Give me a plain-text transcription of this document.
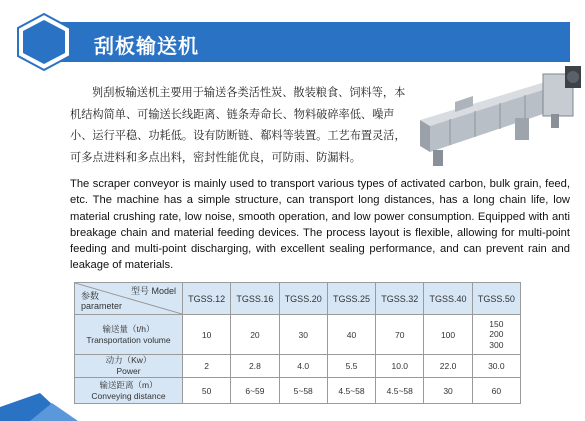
刮板输送机

刿刮板输送机主要用于输送各类活性炭、散装粮食、饲料等，本机结构简单、可输送长线距离、链条寿命长、物料破碎率低、噪声小、运行平稳、功耗低。设有防断链、郗料等装置。工艺布置灵活，可多点进料和多点出料，密封性能优良，可防雨、防漏料。

The scraper conveyor is mainly used to transport various types of activated carbon, bulk grain, feed, etc. The machine has a simple structure, can transport long distances, has a long chain life, low material crushing rate, low noise, smooth operation, and low power consumption. Equipped with anti breakage chain and material feeding devices. The process layout is flexible, allowing for multi-point feeding and multi-point discharging, with excellent sealing performance, and can prevent rain and leakage of materials.

型号 Model
参数
parameter	TGSS.12	TGSS.16	TGSS.20	TGSS.25	TGSS.32	TGSS.40	TGSS.50

输送量（t/h）
Transportation volume	10	20	30	40	70	100	150
200
300

动力（Kw）
Power	2	2.8	4.0	5.5	10.0	22.0	30.0

输送距离（m）
Conveying distance	50	6~59	5~58	4.5~58	4.5~58	30	60
